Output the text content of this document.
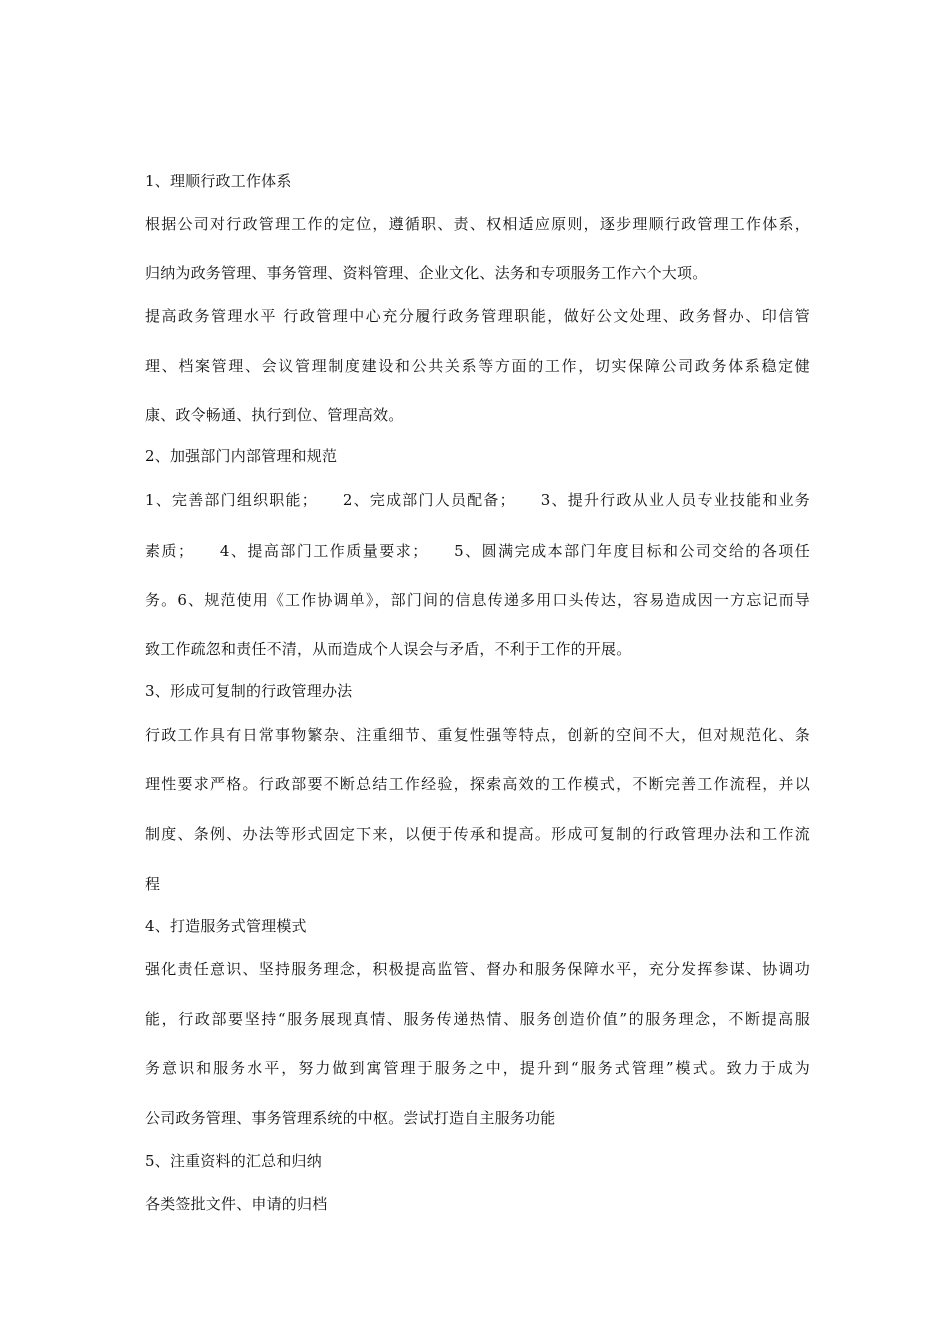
1、理顺行政工作体系
根据公司对行政管理工作的定位，遵循职、责、权相适应原则，逐步理顺行政管理工作体系，
归纳为政务管理、事务管理、资料管理、企业文化、法务和专项服务工作六个大项。
提高政务管理水平 行政管理中心充分履行政务管理职能，做好公文处理、政务督办、印信管
理、档案管理、会议管理制度建设和公共关系等方面的工作，切实保障公司政务体系稳定健
康、政令畅通、执行到位、管理高效。
2、加强部门内部管理和规范
1、完善部门组织职能；　　2、完成部门人员配备；　　3、提升行政从业人员专业技能和业务
素质；　　4、提高部门工作质量要求；　　5、圆满完成本部门年度目标和公司交给的各项任
务。6、规范使用《工作协调单》，部门间的信息传递多用口头传达，容易造成因一方忘记而导
致工作疏忽和责任不清，从而造成个人误会与矛盾，不利于工作的开展。
3、形成可复制的行政管理办法
行政工作具有日常事物繁杂、注重细节、重复性强等特点，创新的空间不大，但对规范化、条
理性要求严格。行政部要不断总结工作经验，探索高效的工作模式，不断完善工作流程，并以
制度、条例、办法等形式固定下来，以便于传承和提高。形成可复制的行政管理办法和工作流
程
4、打造服务式管理模式
强化责任意识、坚持服务理念，积极提高监管、督办和服务保障水平，充分发挥参谋、协调功
能，行政部要坚持“服务展现真情、服务传递热情、服务创造价值”的服务理念，不断提高服
务意识和服务水平，努力做到寓管理于服务之中，提升到“服务式管理”模式。致力于成为
公司政务管理、事务管理系统的中枢。尝试打造自主服务功能
5、注重资料的汇总和归纳
各类签批文件、申请的归档
